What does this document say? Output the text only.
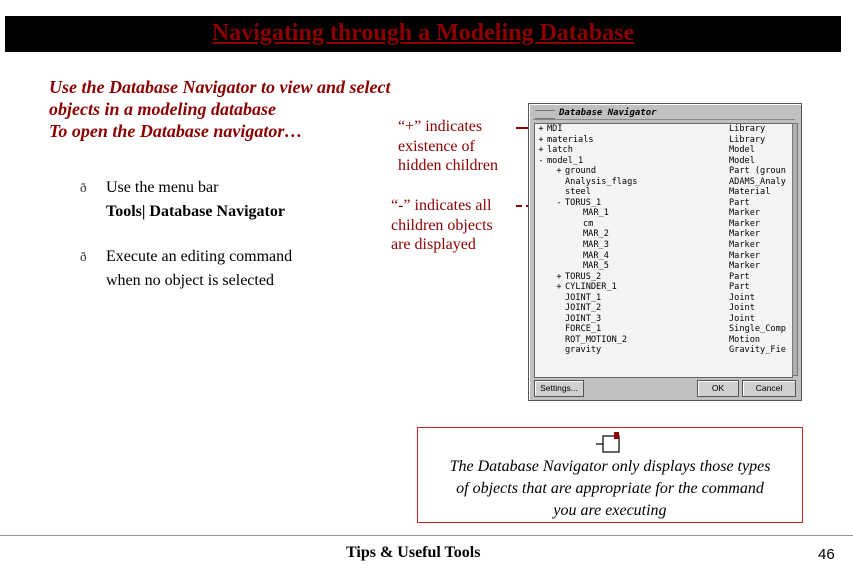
Navigating through a Modeling Database
Use the Database Navigator to view and select
objects in a modeling database
To open the Database navigator…
ð Use the menu bar
Tools| Database Navigator
ð Execute an editing command
when no object is selected
“+” indicates
existence of
hidden children
“-” indicates all
children objects
are displayed
Database Navigator
+ MDI	Library
+ materials	Library
+ latch	Model
- model_1	Model
+ ground	Part (groun
Analysis_flags	ADAMS_Analy
steel	Material
- TORUS_1	Part
MAR_1	Marker
cm	Marker
MAR_2	Marker
MAR_3	Marker
MAR_4	Marker
MAR_5	Marker
+ TORUS_2	Part
+ CYLINDER_1	Part
JOINT_1	Joint
JOINT_2	Joint
JOINT_3	Joint
FORCE_1	Single_Comp
ROT_MOTION_2	Motion
gravity	Gravity_Fie
Settings...	OK	Cancel
The Database Navigator only displays those types
of objects that are appropriate for the command
you are executing
Tips & Useful Tools	46
